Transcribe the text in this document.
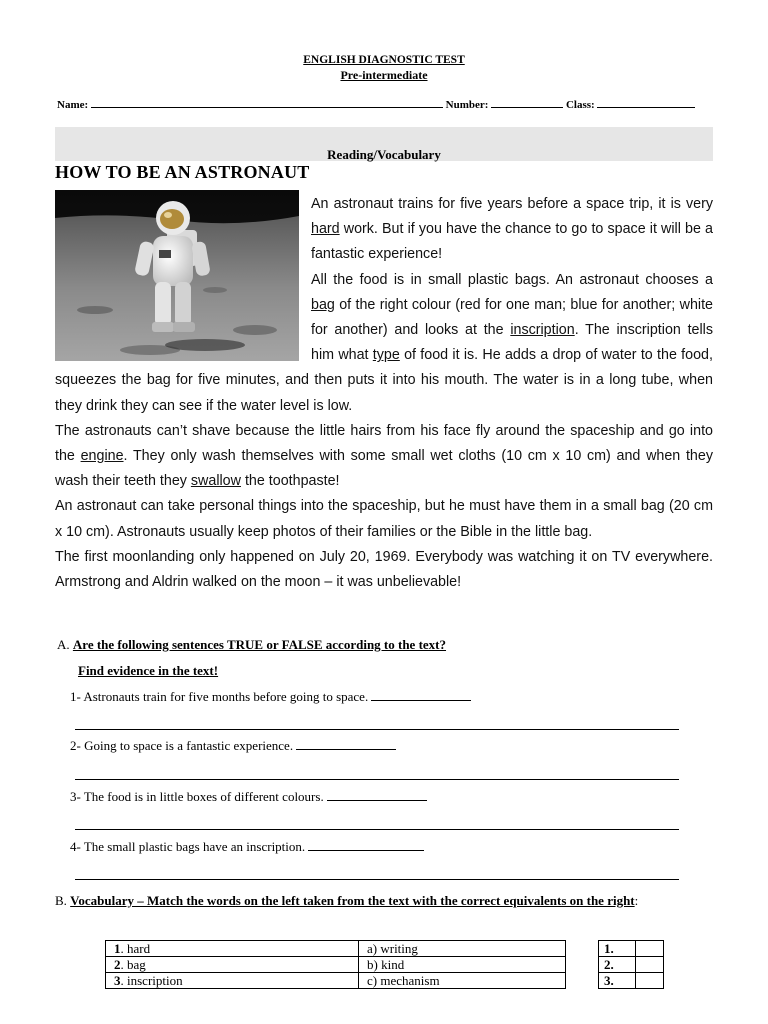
ENGLISH DIAGNOSTIC TEST
Pre-intermediate
Name:	Number:	Class:
Reading/Vocabulary
HOW TO BE AN ASTRONAUT

An astronaut trains for five years before a space trip, it is very hard work. But if you have the chance to go to space it will be a fantastic experience!

All the food is in small plastic bags. An astronaut chooses a bag of the right colour (red for one man; blue for another; white for another) and looks at the inscription. The inscription tells him what type of food it is. He adds a drop of water to the food, squeezes the bag for five minutes, and then puts it into his mouth. The water is in a long tube, when they drink they can see if the water level is low.

The astronauts can’t shave because the little hairs from his face fly around the spaceship and go into the engine. They only wash themselves with some small wet cloths (10 cm x 10 cm) and when they wash their teeth they swallow the toothpaste!

An astronaut can take personal things into the spaceship, but he must have them in a small bag (20 cm x 10 cm). Astronauts usually keep photos of their families or the Bible in the little bag.

The first moonlanding only happened on July 20, 1969. Everybody was watching it on TV everywhere. Armstrong and Aldrin walked on the moon – it was unbelievable!

A. Are the following sentences TRUE or FALSE according to the text?
Find evidence in the text!
1- Astronauts train for five months before going to space.
2- Going to space is a fantastic experience.
3- The food is in little boxes of different colours.
4- The small plastic bags have an inscription.
B. Vocabulary – Match the words on the left taken from the text with the correct equivalents on the right:
1. hard	a) writing
2. bag	b) kind
3. inscription	c) mechanism
1.	
2.	
3.	
